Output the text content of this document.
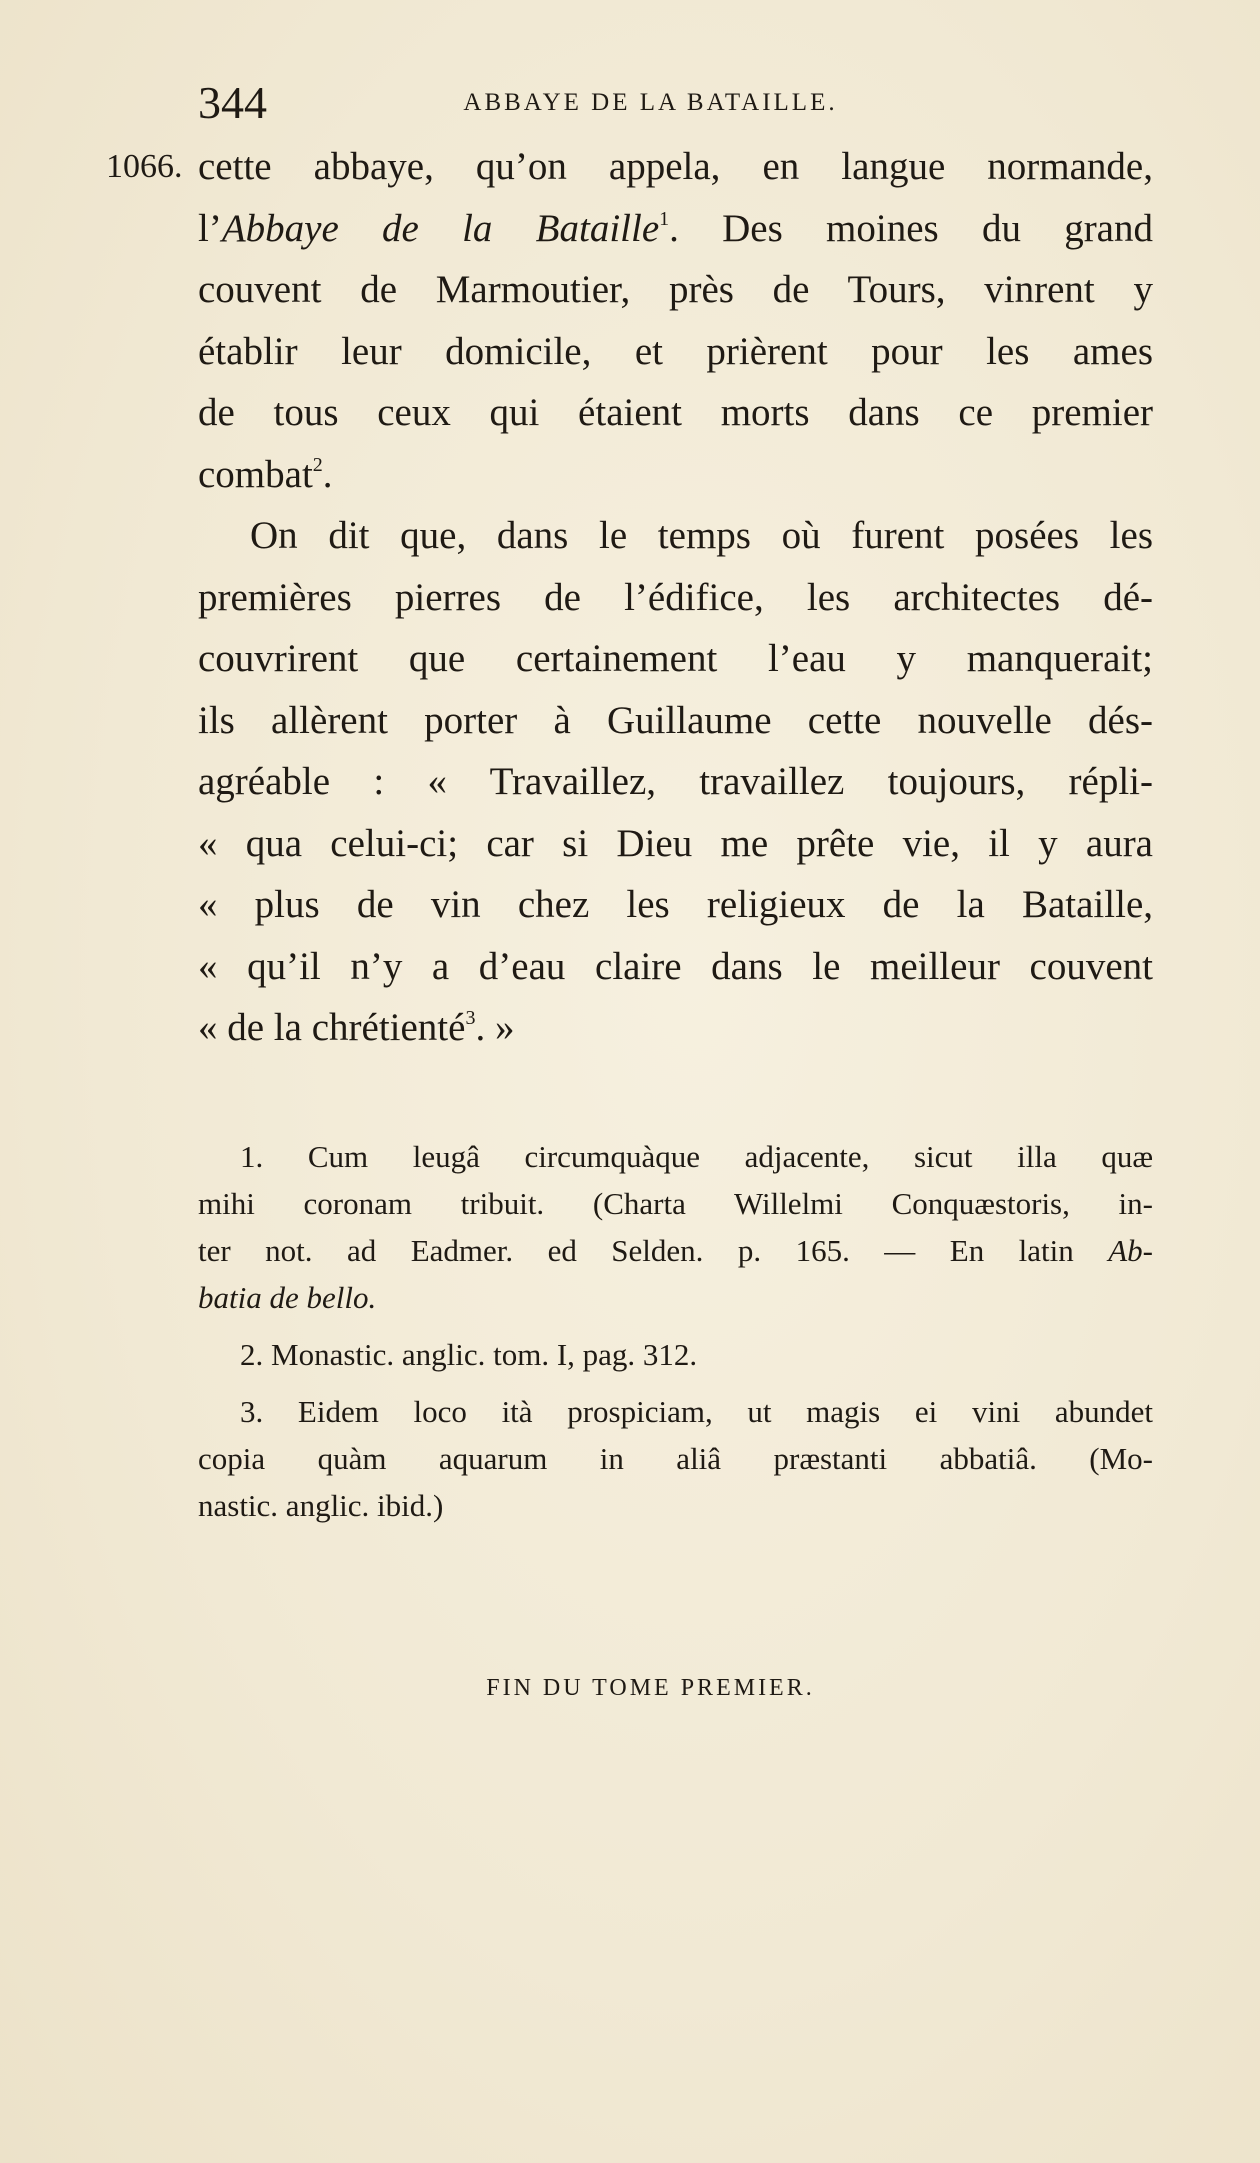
344	ABBAYE DE LA BATAILLE.
1066. cette abbaye, qu’on appela, en langue normande,
l’Abbaye de la Bataille$^1$. Des moines du grand
couvent de Marmoutier, près de Tours, vinrent y
établir leur domicile, et prièrent pour les ames
de tous ceux qui étaient morts dans ce premier
combat$^2$.
On dit que, dans le temps où furent posées les
premières pierres de l’édifice, les architectes dé-
couvrirent que certainement l’eau y manquerait;
ils allèrent porter à Guillaume cette nouvelle dés-
agréable : « Travaillez, travaillez toujours, répli-
« qua celui-ci; car si Dieu me prête vie, il y aura
« plus de vin chez les religieux de la Bataille,
« qu’il n’y a d’eau claire dans le meilleur couvent
« de la chrétienté$^3$. »
1. Cum leugâ circumquàque adjacente, sicut illa quæ
mihi coronam tribuit. (Charta Willelmi Conquæstoris, in-
ter not. ad Eadmer. ed Selden. p. 165. — En latin Ab-
batia de bello.
2. Monastic. anglic. tom. I, pag. 312.
3. Eidem loco ità prospiciam, ut magis ei vini abundet
copia quàm aquarum in aliâ præstanti abbatiâ. (Mo-
nastic. anglic. ibid.)
FIN DU TOME PREMIER.
